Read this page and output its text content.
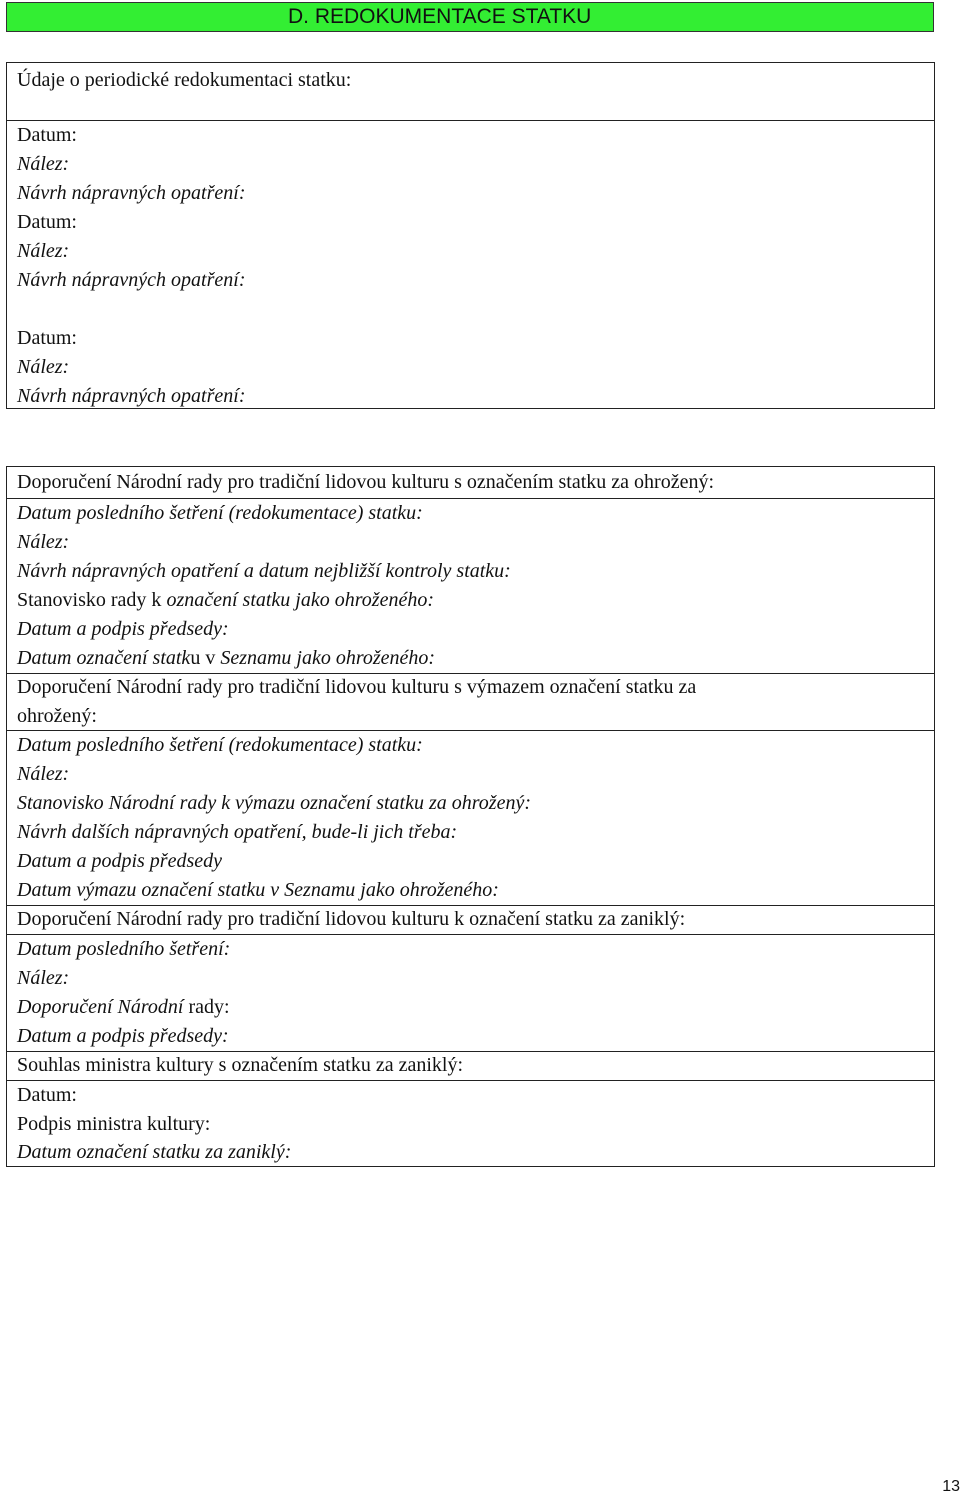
D. REDOKUMENTACE STATKU
Údaje o periodické redokumentaci statku:
Datum:
Nález:
Návrh nápravných opatření:
Datum:
Nález:
Návrh nápravných opatření:
Datum:
Nález:
Návrh nápravných opatření:
Doporučení Národní rady pro tradiční lidovou kulturu s označením statku za ohrožený:
Datum posledního šetření (redokumentace) statku:
Nález:
Návrh nápravných opatření a datum nejbližší kontroly statku:
Stanovisko rady k označení statku jako ohroženého:
Datum a podpis předsedy:
Datum označení statku v Seznamu jako ohroženého:
Doporučení Národní rady pro tradiční lidovou kulturu s výmazem označení statku za
ohrožený:
Datum posledního šetření (redokumentace) statku:
Nález:
Stanovisko Národní rady k výmazu označení statku za ohrožený:
Návrh dalších nápravných opatření, bude-li jich třeba:
Datum a podpis předsedy
Datum výmazu označení statku v Seznamu jako ohroženého:
Doporučení Národní rady pro tradiční lidovou kulturu k označení statku za zaniklý:
Datum posledního šetření:
Nález:
Doporučení Národní rady:
Datum a podpis předsedy:
Souhlas ministra kultury s označením statku za zaniklý:
Datum:
Podpis ministra kultury:
Datum označení statku za zaniklý:
13
